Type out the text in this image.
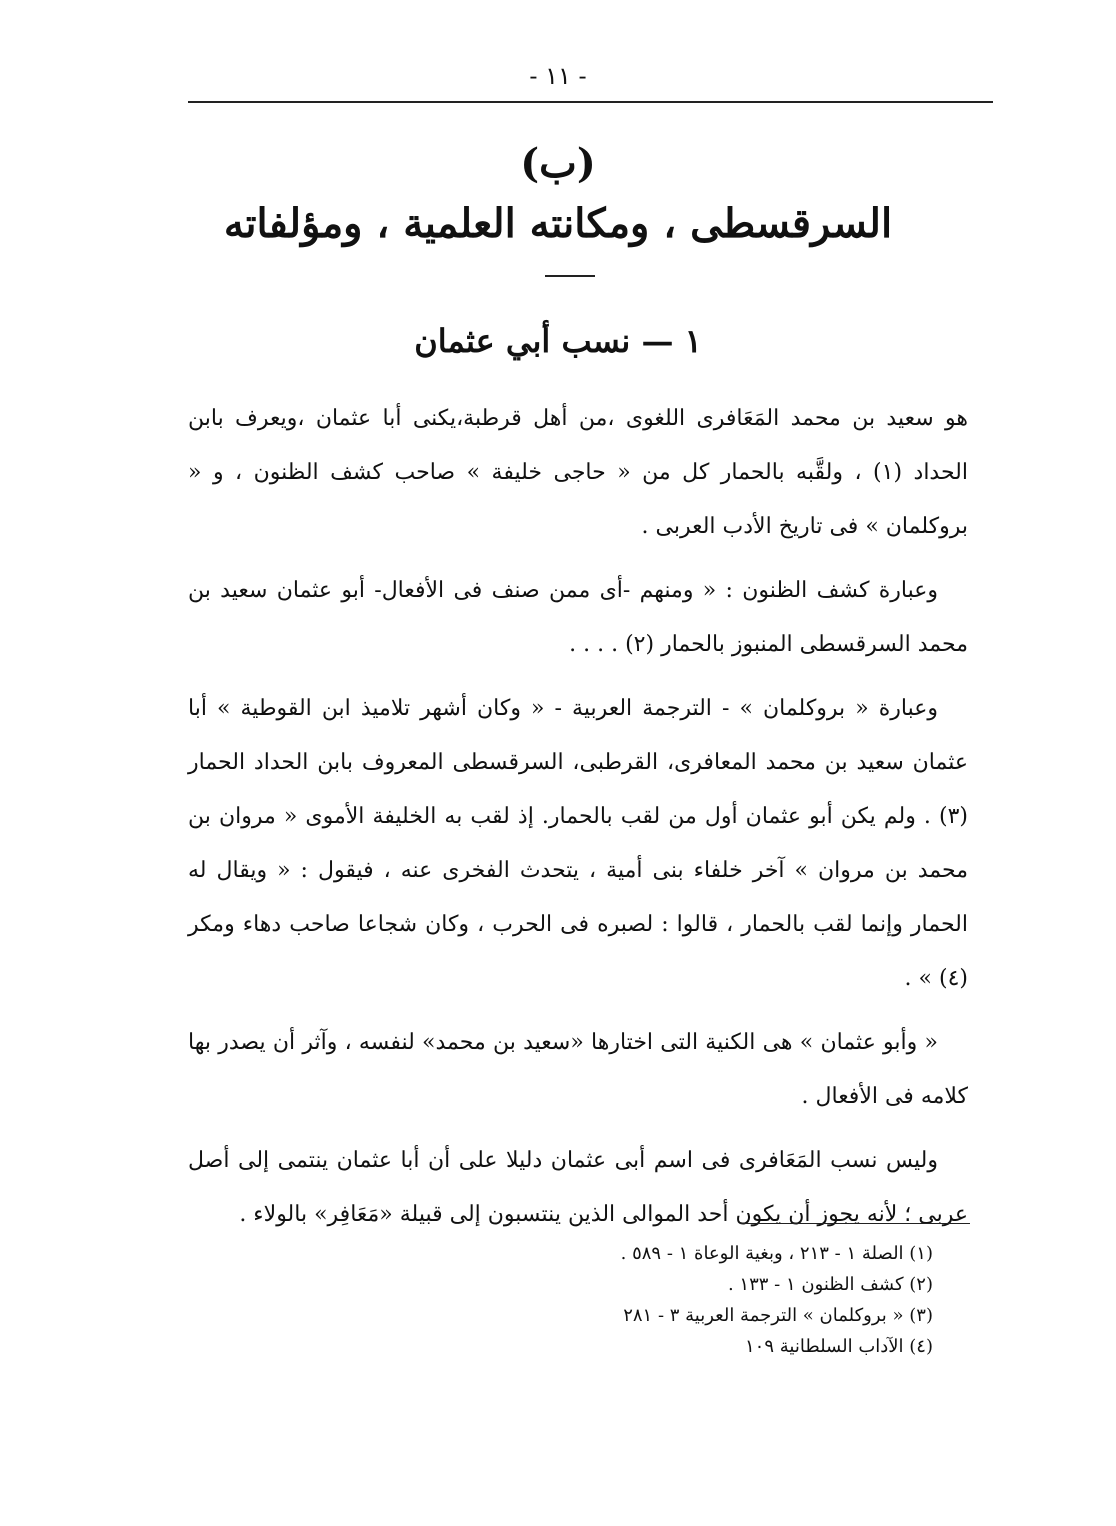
- ١١ -
(ب)
السرقسطى ، ومكانته العلمية ، ومؤلفاته
١ — نسب أبي عثمان

هو سعيد بن محمد المَعَافرى اللغوى ،من أهل قرطبة،يكنى أبا عثمان ،ويعرف بابن الحداد (١) ، ولقَّبه بالحمار كل من « حاجى خليفة » صاحب كشف الظنون ، و « بروكلمان » فى تاريخ الأدب العربى .

وعبارة كشف الظنون : « ومنهم -أى ممن صنف فى الأفعال- أبو عثمان سعيد بن محمد السرقسطى المنبوز بالحمار (٢) . . . .

وعبارة « بروكلمان » - الترجمة العربية - « وكان أشهر تلاميذ ابن القوطية » أبا عثمان سعيد بن محمد المعافرى، القرطبى، السرقسطى المعروف بابن الحداد الحمار (٣) . ولم يكن أبو عثمان أول من لقب بالحمار. إذ لقب به الخليفة الأموى « مروان بن محمد بن مروان » آخر خلفاء بنى أمية ، يتحدث الفخرى عنه ، فيقول : « ويقال له الحمار وإنما لقب بالحمار ، قالوا : لصبره فى الحرب ، وكان شجاعا صاحب دهاء ومكر (٤) » .

« وأبو عثمان » هى الكنية التى اختارها «سعيد بن محمد» لنفسه ، وآثر أن يصدر بها كلامه فى الأفعال .

وليس نسب المَعَافرى فى اسم أبى عثمان دليلا على أن أبا عثمان ينتمى إلى أصل عربى ؛ لأنه يجوز أن يكون أحد الموالى الذين ينتسبون إلى قبيلة «مَعَافِر» بالولاء .

(١) الصلة ١ - ٢١٣ ، وبغية الوعاة ١ - ٥٨٩ .
(٢) كشف الظنون ١ - ١٣٣ .
(٣) « بروكلمان » الترجمة العربية ٣ - ٢٨١
(٤) الآداب السلطانية ١٠٩
